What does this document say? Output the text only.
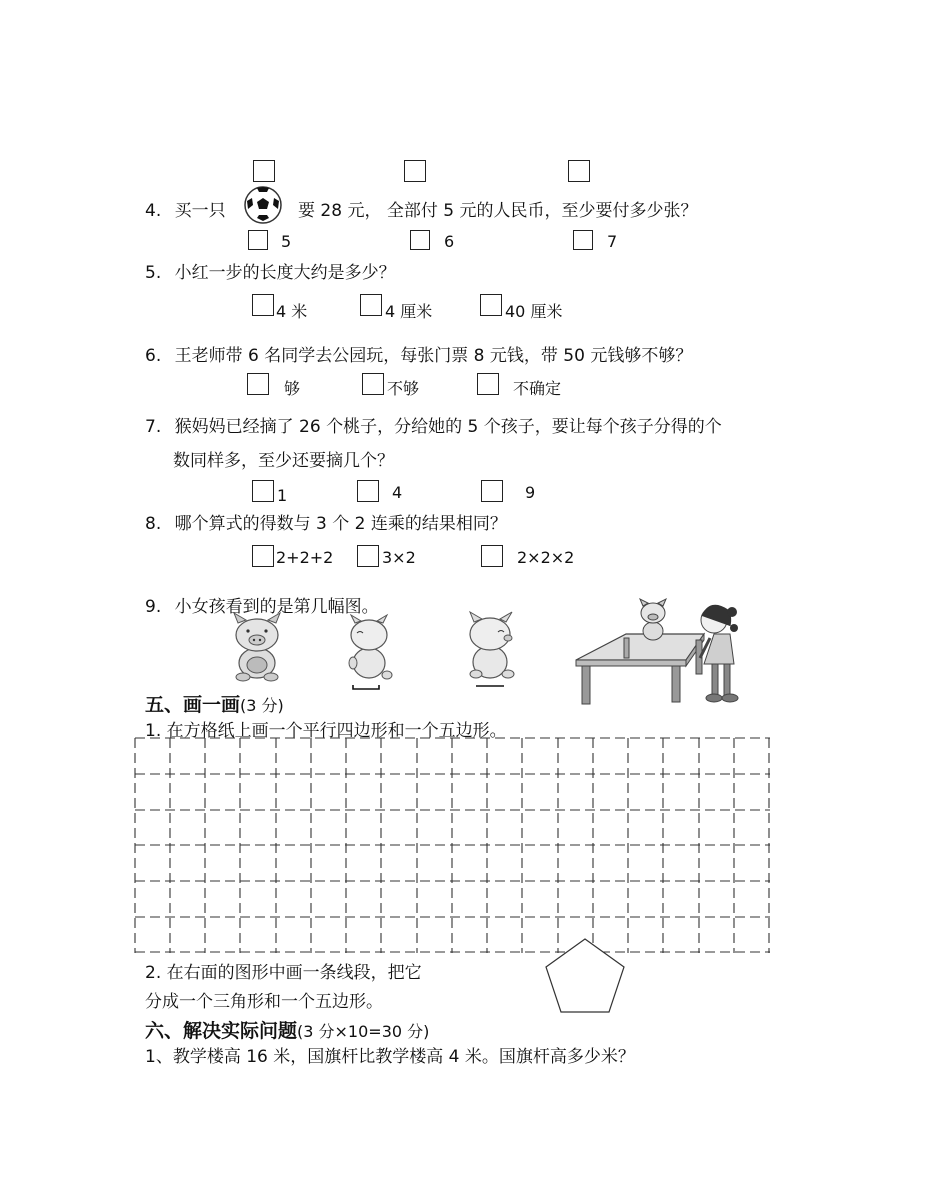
4. 买一只	要 28 元， 全部付 5 元的人民币，至少要付多少张？
5	6	7
5. 小红一步的长度大约是多少？
4 米	4 厘米	40 厘米
6. 王老师带 6 名同学去公园玩，每张门票 8 元钱，带 50 元钱够不够？
够	不够	不确定
7. 猴妈妈已经摘了 26 个桃子，分给她的 5 个孩子，要让每个孩子分得的个
数同样多，至少还要摘几个？
1	4	9
8. 哪个算式的得数与 3 个 2 连乘的结果相同？
2+2+2	3×2	2×2×2
9. 小女孩看到的是第几幅图。
五、画一画(3 分)
1. 在方格纸上画一个平行四边形和一个五边形。
2. 在右面的图形中画一条线段，把它
分成一个三角形和一个五边形。
六、解决实际问题(3 分×10=30 分)
1、教学楼高 16 米，国旗杆比教学楼高 4 米。国旗杆高多少米？
